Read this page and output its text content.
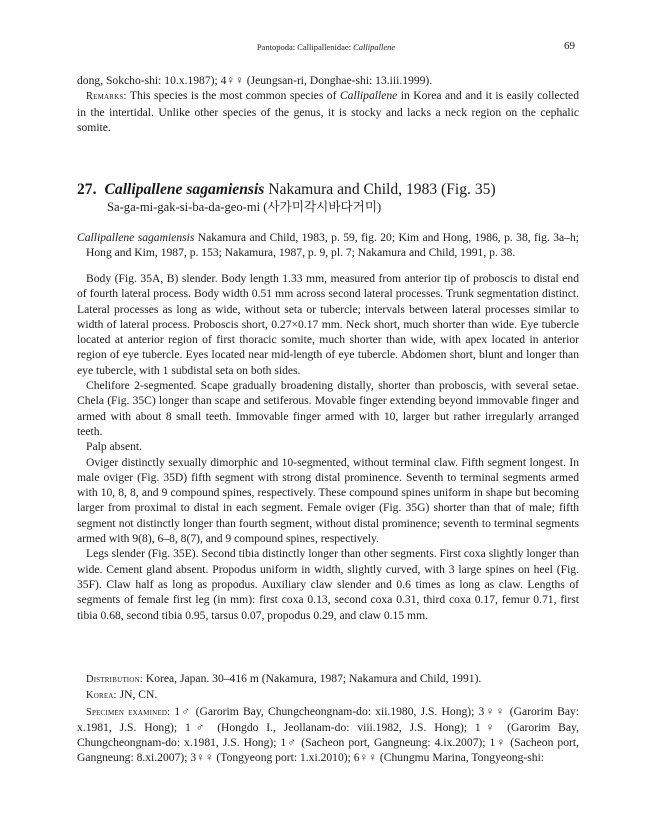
Pantopoda: Callipallenidae: Callipallene	69

dong, Sokcho-shi: 10.x.1987); 4♀♀ (Jeungsan-ri, Donghae-shi: 13.iii.1999).

Remarks: This species is the most common species of Callipallene in Korea and and it is easily collected in the intertidal. Unlike other species of the genus, it is stocky and lacks a neck region on the cephalic somite.

27. Callipallene sagamiensis Nakamura and Child, 1983 (Fig. 35)
Sa-ga-mi-gak-si-ba-da-geo-mi (사가미각시바다거미)

Callipallene sagamiensis Nakamura and Child, 1983, p. 59, fig. 20; Kim and Hong, 1986, p. 38, fig. 3a–h; Hong and Kim, 1987, p. 153; Nakamura, 1987, p. 9, pl. 7; Nakamura and Child, 1991, p. 38.

Body (Fig. 35A, B) slender. Body length 1.33 mm, measured from anterior tip of proboscis to distal end of fourth lateral process. Body width 0.51 mm across second lateral processes. Trunk segmentation distinct. Lateral processes as long as wide, without seta or tubercle; intervals between lateral processes similar to width of lateral process. Proboscis short, 0.27×0.17 mm. Neck short, much shorter than wide. Eye tubercle located at anterior region of first thoracic somite, much shorter than wide, with apex located in anterior region of eye tubercle. Eyes located near mid-length of eye tubercle. Abdomen short, blunt and longer than eye tubercle, with 1 subdistal seta on both sides.

Chelifore 2-segmented. Scape gradually broadening distally, shorter than proboscis, with several setae. Chela (Fig. 35C) longer than scape and setiferous. Movable finger extending beyond immovable finger and armed with about 8 small teeth. Immovable finger armed with 10, larger but rather irregularly arranged teeth.

Palp absent.

Oviger distinctly sexually dimorphic and 10-segmented, without terminal claw. Fifth segment longest. In male oviger (Fig. 35D) fifth segment with strong distal prominence. Seventh to terminal segments armed with 10, 8, 8, and 9 compound spines, respectively. These compound spines uniform in shape but becoming larger from proximal to distal in each segment. Female oviger (Fig. 35G) shorter than that of male; fifth segment not distinctly longer than fourth segment, without distal prominence; seventh to terminal segments armed with 9(8), 6–8, 8(7), and 9 compound spines, respectively.

Legs slender (Fig. 35E). Second tibia distinctly longer than other segments. First coxa slightly longer than wide. Cement gland absent. Propodus uniform in width, slightly curved, with 3 large spines on heel (Fig. 35F). Claw half as long as propodus. Auxiliary claw slender and 0.6 times as long as claw. Lengths of segments of female first leg (in mm): first coxa 0.13, second coxa 0.31, third coxa 0.17, femur 0.71, first tibia 0.68, second tibia 0.95, tarsus 0.07, propodus 0.29, and claw 0.15 mm.

Distribution: Korea, Japan. 30–416 m (Nakamura, 1987; Nakamura and Child, 1991).

Korea: JN, CN.

Specimen examined: 1♂ (Garorim Bay, Chungcheongnam-do: xii.1980, J.S. Hong); 3♀♀ (Garorim Bay: x.1981, J.S. Hong); 1♂ (Hongdo I., Jeollanam-do: viii.1982, J.S. Hong); 1♀ (Garorim Bay, Chungcheongnam-do: x.1981, J.S. Hong); 1♂ (Sacheon port, Gangneung: 4.ix.2007); 1♀ (Sacheon port, Gangneung: 8.xi.2007); 3♀♀ (Tongyeong port: 1.xi.2010); 6♀♀ (Chungmu Marina, Tongyeong-shi:
